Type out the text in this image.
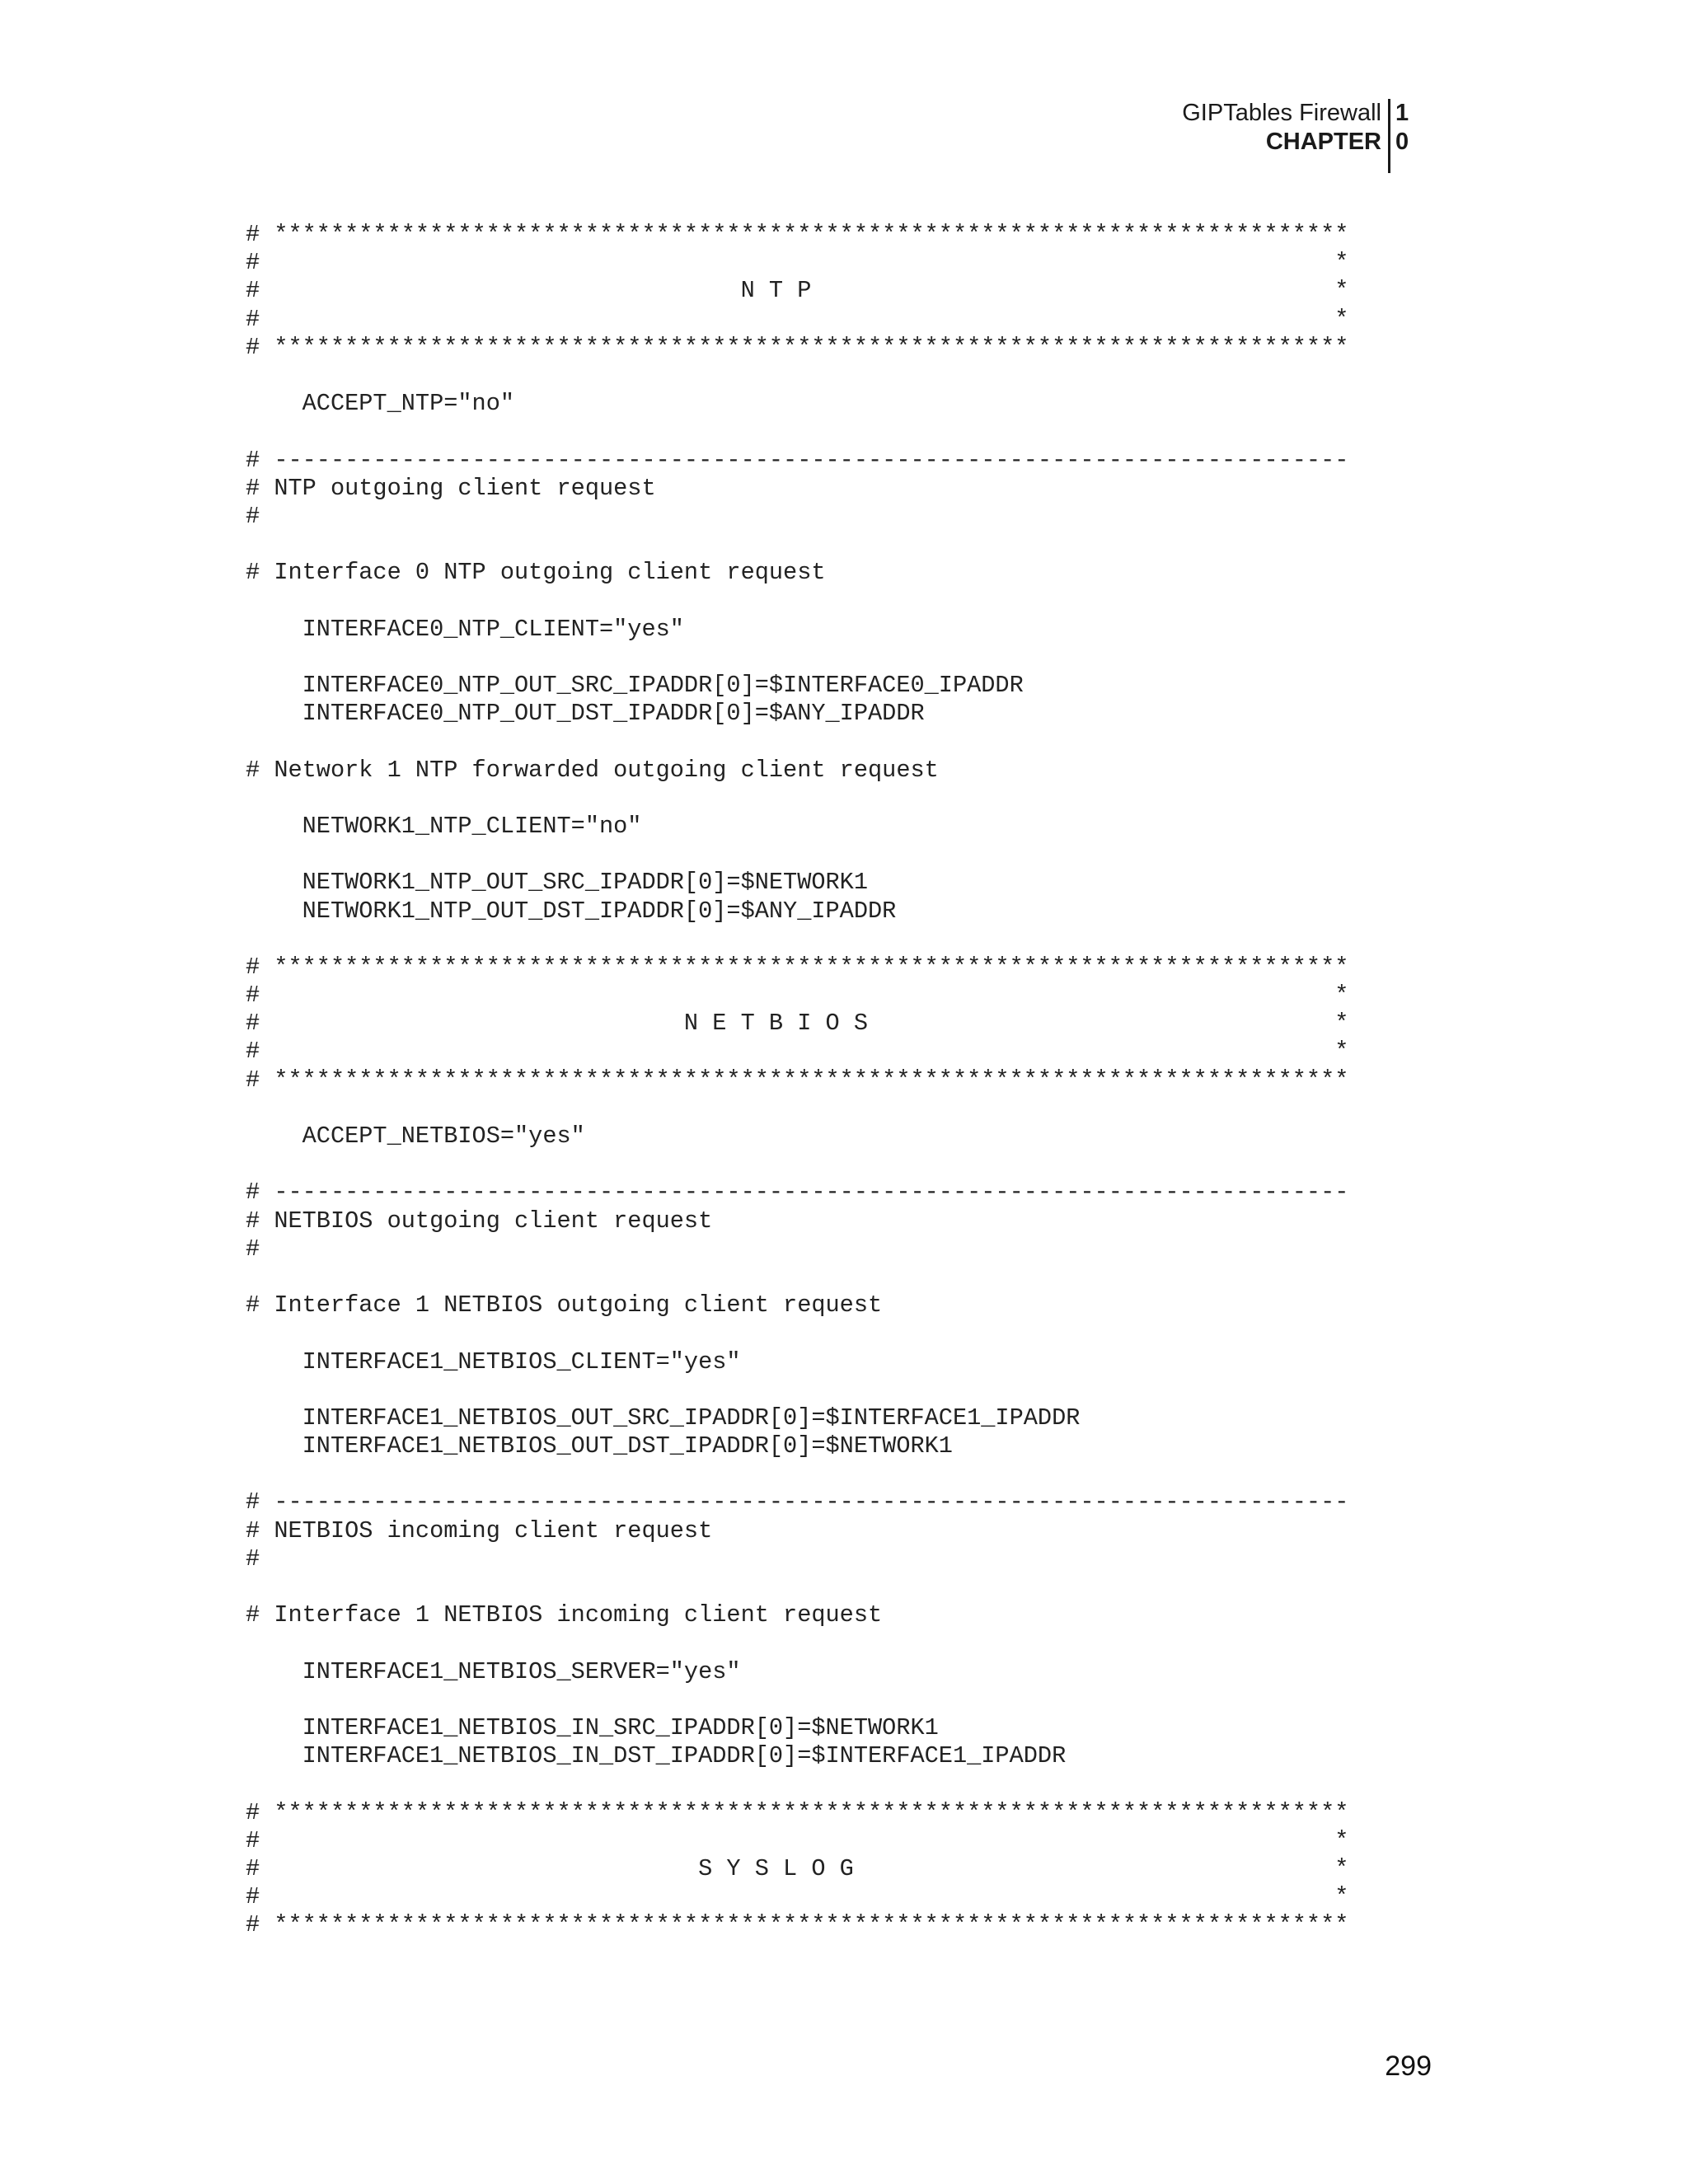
GIPTables Firewall 1
CHAPTER 0
# ****************************************************************************
#                                                                            *
#                                  N T P                                     *
#                                                                            *
# ****************************************************************************
ACCEPT_NTP="no"
# ----------------------------------------------------------------------------
# NTP outgoing client request
#
# Interface 0 NTP outgoing client request
INTERFACE0_NTP_CLIENT="yes"
INTERFACE0_NTP_OUT_SRC_IPADDR[0]=$INTERFACE0_IPADDR
INTERFACE0_NTP_OUT_DST_IPADDR[0]=$ANY_IPADDR
# Network 1 NTP forwarded outgoing client request
NETWORK1_NTP_CLIENT="no"
NETWORK1_NTP_OUT_SRC_IPADDR[0]=$NETWORK1
NETWORK1_NTP_OUT_DST_IPADDR[0]=$ANY_IPADDR
# ****************************************************************************
#                                                                            *
#                              N E T B I O S                                 *
#                                                                            *
# ****************************************************************************
ACCEPT_NETBIOS="yes"
# ----------------------------------------------------------------------------
# NETBIOS outgoing client request
#
# Interface 1 NETBIOS outgoing client request
INTERFACE1_NETBIOS_CLIENT="yes"
INTERFACE1_NETBIOS_OUT_SRC_IPADDR[0]=$INTERFACE1_IPADDR
INTERFACE1_NETBIOS_OUT_DST_IPADDR[0]=$NETWORK1
# ----------------------------------------------------------------------------
# NETBIOS incoming client request
#
# Interface 1 NETBIOS incoming client request
INTERFACE1_NETBIOS_SERVER="yes"
INTERFACE1_NETBIOS_IN_SRC_IPADDR[0]=$NETWORK1
INTERFACE1_NETBIOS_IN_DST_IPADDR[0]=$INTERFACE1_IPADDR
# ****************************************************************************
#                                                                            *
#                               S Y S L O G                                  *
#                                                                            *
# ****************************************************************************
299
